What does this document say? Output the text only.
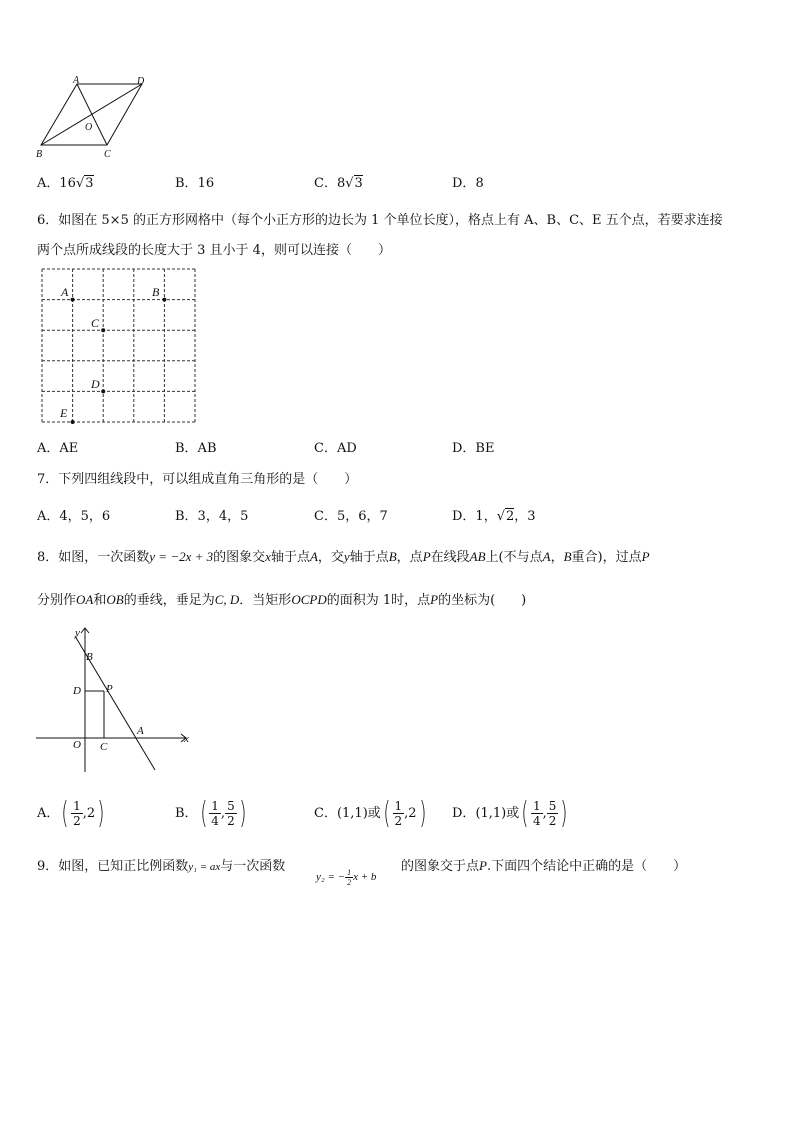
A	D
O
B	C
A．16√3	B．16	C．8√3	D．8
6．如图在 5×5 的正方形网格中（每个小正方形的边长为 1 个单位长度），格点上有 A、B、C、E 五个点，若要求连接
两个点所成线段的长度大于 3 且小于 4，则可以连接（　　）
A	B
C
D
E
A．AE	B．AB	C．AD	D．BE
7．下列四组线段中，可以组成直角三角形的是（　　）
A．4，5，6	B．3，4，5	C．5，6，7	D．1，√2，3
8．如图，一次函数y = −2x + 3的图象交x轴于点A，交y轴于点B，点P在线段AB上(不与点A，B重合)，过点P
分别作OA和OB的垂线，垂足为C, D．当矩形OCPD的面积为 1时，点P的坐标为(　　)
y
x
B
D P
A
O C
A．( $\frac{1}{2} ,2$)	B．( $\frac{1}{4}$ , $\frac{5}{2}$ )	C．(1,1)或( $\frac{1}{2} ,2$) D．(1,1)或( $\frac{1}{4}$ , $\frac{5}{2}$ )
9．如图，已知正比例函数y₁ = ax与一次函数
y₂ = − $\frac{1}{2}$ x + b
的图象交于点P.下面四个结论中正确的是（　　）
